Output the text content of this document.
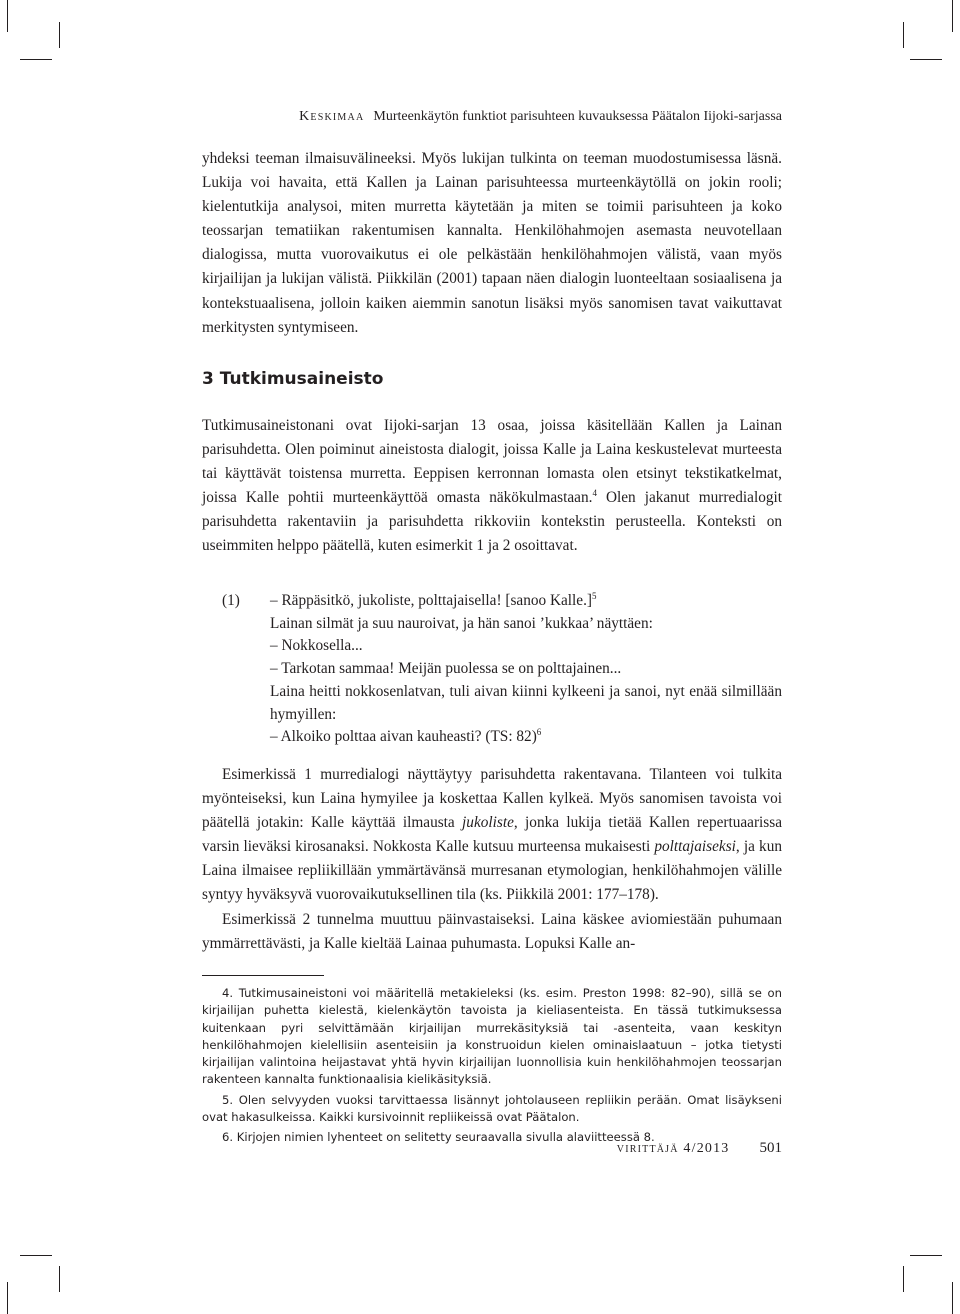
Keskimaa Murteenkäytön funktiot parisuhteen kuvauksessa Päätalon Iijoki-sarjassa

yhdeksi teeman ilmaisuvälineeksi. Myös lukijan tulkinta on teeman muodostumisessa läsnä. Lukija voi havaita, että Kallen ja Lainan parisuhteessa murteenkäytöllä on jokin rooli; kielentutkija analysoi, miten murretta käytetään ja miten se toimii parisuhteen ja koko teossarjan tematiikan rakentumisen kannalta. Henkilöhahmojen asemasta neuvotellaan dialogissa, mutta vuorovaikutus ei ole pelkästään henkilöhahmojen välistä, vaan myös kirjailijan ja lukijan välistä. Piikkilän (2001) tapaan näen dialogin luonteeltaan sosiaalisena ja kontekstuaalisena, jolloin kaiken aiemmin sanotun lisäksi myös sanomisen tavat vaikuttavat merkitysten syntymiseen.

3 Tutkimusaineisto

Tutkimusaineistonani ovat Iijoki-sarjan 13 osaa, joissa käsitellään Kallen ja Lainan parisuhdetta. Olen poiminut aineistosta dialogit, joissa Kalle ja Laina keskustelevat murteesta tai käyttävät toistensa murretta. Eeppisen kerronnan lomasta olen etsinyt tekstikatkelmat, joissa Kalle pohtii murteenkäyttöä omasta näkökulmastaan.$^4$ Olen jakanut murredialogit parisuhdetta rakentaviin ja parisuhdetta rikkoviin kontekstin perusteella. Konteksti on useimmiten helppo päätellä, kuten esimerkit 1 ja 2 osoittavat.

(1) – Räppäsitkö, jukoliste, polttajaisella! [sanoo Kalle.]$^5$
Lainan silmät ja suu nauroivat, ja hän sanoi ’kukkaa’ näyttäen:
– Nokkosella...
– Tarkotan sammaa! Meijän puolessa se on polttajainen...
Laina heitti nokkosenlatvan, tuli aivan kiinni kylkeeni ja sanoi, nyt enää silmillään hymyillen:
– Alkoiko polttaa aivan kauheasti? (TS: 82)$^6$

Esimerkissä 1 murredialogi näyttäytyy parisuhdetta rakentavana. Tilanteen voi tulkita myönteiseksi, kun Laina hymyilee ja koskettaa Kallen kylkeä. Myös sanomisen tavoista voi päätellä jotakin: Kalle käyttää ilmausta jukoliste, jonka lukija tietää Kallen repertuaarissa varsin lieväksi kirosanaksi. Nokkosta Kalle kutsuu murteensa mukaisesti polttajaiseksi, ja kun Laina ilmaisee repliikillään ymmärtävänsä murresanan etymologian, henkilöhahmojen välille syntyy hyväksyvä vuorovaikutuksellinen tila (ks. Piikkilä 2001: 177–178).

Esimerkissä 2 tunnelma muuttuu päinvastaiseksi. Laina käskee aviomiestään puhumaan ymmärrettävästi, ja Kalle kieltää Lainaa puhumasta. Lopuksi Kalle an-

4. Tutkimusaineistoni voi määritellä metakieleksi (ks. esim. Preston 1998: 82–90), sillä se on kirjailijan puhetta kielestä, kielenkäytön tavoista ja kieliasenteista. En tässä tutkimuksessa kuitenkaan pyri selvittämään kirjailijan murrekäsityksiä tai -asenteita, vaan keskityn henkilöhahmojen kielellisiin asenteisiin ja konstruoidun kielen ominaislaatuun – jotka tietysti kirjailijan valintoina heijastavat yhtä hyvin kirjailijan luonnollisia kuin henkilöhahmojen teossarjan rakenteen kannalta funktionaalisia kielikäsityksiä.

5. Olen selvyyden vuoksi tarvittaessa lisännyt johtolauseen repliikin perään. Omat lisäykseni ovat hakasulkeissa. Kaikki kursivoinnit repliikeissä ovat Päätalon.

6. Kirjojen nimien lyhenteet on selitetty seuraavalla sivulla alaviitteessä 8.

virittäjä 4/2013 501
